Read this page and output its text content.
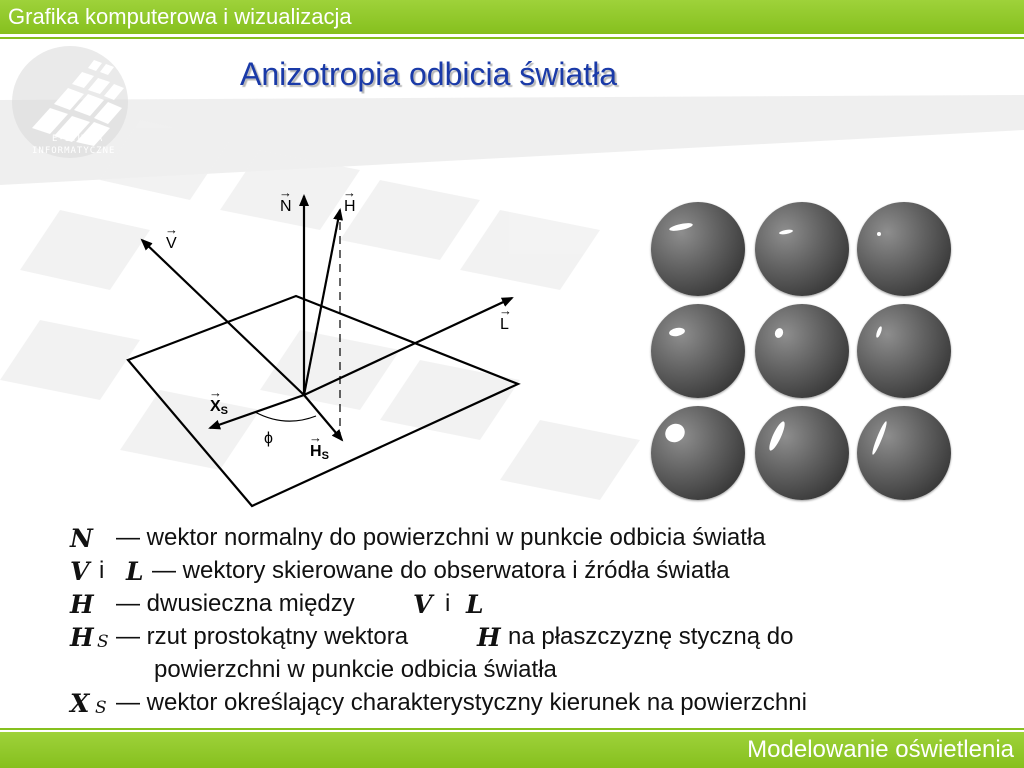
Grafika komputerowa i wizualizacja
E-STUDIA
INFORMATYCZNE
Anizotropia odbicia światła
→ N
→	H
→ V
→ L
→ $X_S$
→ $H_S$
ϕ
N — wektor normalny do powierzchni w punkcie odbicia światła
V i L — wektory skierowane do obserwatora i źródła światła
H — dwusieczna między V i L
H S — rzut prostokątny wektora	H na płaszczyznę styczną do
powierzchni w punkcie odbicia światła
X S — wektor określający charakterystyczny kierunek na powierzchni
Modelowanie oświetlenia
